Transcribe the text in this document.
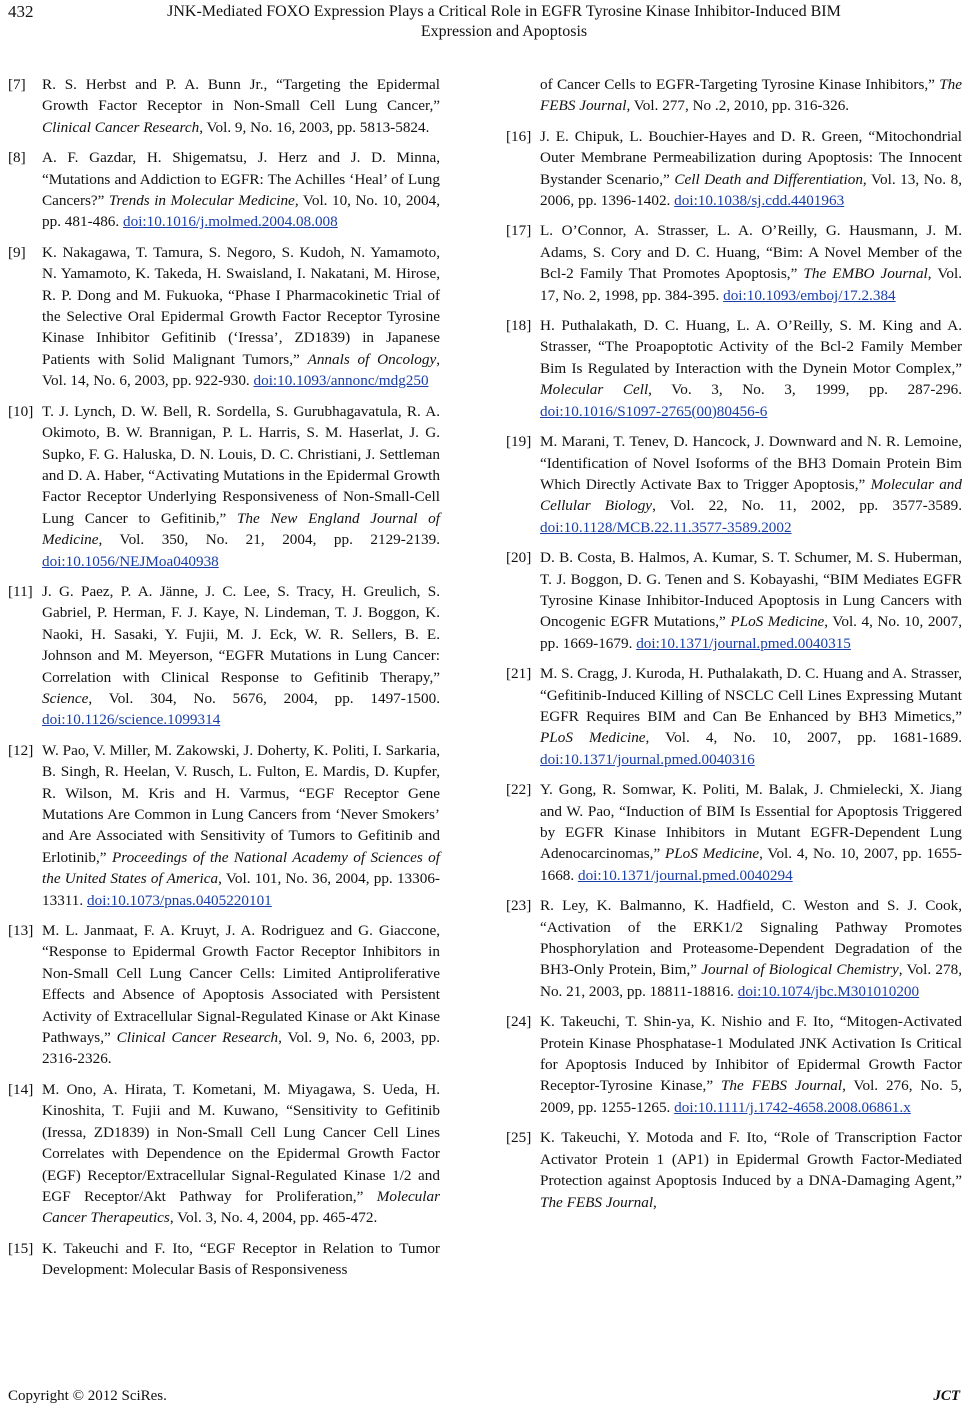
432	JNK-Mediated FOXO Expression Plays a Critical Role in EGFR Tyrosine Kinase Inhibitor-Induced BIM
Expression and Apoptosis
[7] R. S. Herbst and P. A. Bunn Jr., “Targeting the Epidermal Growth Factor Receptor in Non-Small Cell Lung Cancer,” Clinical Cancer Research, Vol. 9, No. 16, 2003, pp. 5813-5824.
[8] A. F. Gazdar, H. Shigematsu, J. Herz and J. D. Minna, “Mutations and Addiction to EGFR: The Achilles ‘Heal’ of Lung Cancers?” Trends in Molecular Medicine, Vol. 10, No. 10, 2004, pp. 481-486. doi:10.1016/j.molmed.2004.08.008
[9] K. Nakagawa, T. Tamura, S. Negoro, S. Kudoh, N. Yamamoto, N. Yamamoto, K. Takeda, H. Swaisland, I. Nakatani, M. Hirose, R. P. Dong and M. Fukuoka, “Phase I Pharmacokinetic Trial of the Selective Oral Epidermal Growth Factor Receptor Tyrosine Kinase Inhibitor Gefitinib (‘Iressa’, ZD1839) in Japanese Patients with Solid Malignant Tumors,” Annals of Oncology, Vol. 14, No. 6, 2003, pp. 922-930. doi:10.1093/annonc/mdg250
[10] T. J. Lynch, D. W. Bell, R. Sordella, S. Gurubhagavatula, R. A. Okimoto, B. W. Brannigan, P. L. Harris, S. M. Haserlat, J. G. Supko, F. G. Haluska, D. N. Louis, D. C. Christiani, J. Settleman and D. A. Haber, “Activating Mutations in the Epidermal Growth Factor Receptor Underlying Responsiveness of Non-Small-Cell Lung Cancer to Gefitinib,” The New England Journal of Medicine, Vol. 350, No. 21, 2004, pp. 2129-2139. doi:10.1056/NEJMoa040938
[11] J. G. Paez, P. A. Jänne, J. C. Lee, S. Tracy, H. Greulich, S. Gabriel, P. Herman, F. J. Kaye, N. Lindeman, T. J. Boggon, K. Naoki, H. Sasaki, Y. Fujii, M. J. Eck, W. R. Sellers, B. E. Johnson and M. Meyerson, “EGFR Mutations in Lung Cancer: Correlation with Clinical Response to Gefitinib Therapy,” Science, Vol. 304, No. 5676, 2004, pp. 1497-1500. doi:10.1126/science.1099314
[12] W. Pao, V. Miller, M. Zakowski, J. Doherty, K. Politi, I. Sarkaria, B. Singh, R. Heelan, V. Rusch, L. Fulton, E. Mardis, D. Kupfer, R. Wilson, M. Kris and H. Varmus, “EGF Receptor Gene Mutations Are Common in Lung Cancers from ‘Never Smokers’ and Are Associated with Sensitivity of Tumors to Gefitinib and Erlotinib,” Proceedings of the National Academy of Sciences of the United States of America, Vol. 101, No. 36, 2004, pp. 13306-13311. doi:10.1073/pnas.0405220101
[13] M. L. Janmaat, F. A. Kruyt, J. A. Rodriguez and G. Giaccone, “Response to Epidermal Growth Factor Receptor Inhibitors in Non-Small Cell Lung Cancer Cells: Limited Antiproliferative Effects and Absence of Apoptosis Associated with Persistent Activity of Extracellular Signal-Regulated Kinase or Akt Kinase Pathways,” Clinical Cancer Research, Vol. 9, No. 6, 2003, pp. 2316-2326.
[14] M. Ono, A. Hirata, T. Kometani, M. Miyagawa, S. Ueda, H. Kinoshita, T. Fujii and M. Kuwano, “Sensitivity to Gefitinib (Iressa, ZD1839) in Non-Small Cell Lung Cancer Cell Lines Correlates with Dependence on the Epidermal Growth Factor (EGF) Receptor/Extracellular Signal-Regulated Kinase 1/2 and EGF Receptor/Akt Pathway for Proliferation,” Molecular Cancer Therapeutics, Vol. 3, No. 4, 2004, pp. 465-472.
[15] K. Takeuchi and F. Ito, “EGF Receptor in Relation to Tumor Development: Molecular Basis of Responsiveness
of Cancer Cells to EGFR-Targeting Tyrosine Kinase Inhibitors,” The FEBS Journal, Vol. 277, No .2, 2010, pp. 316-326.
[16] J. E. Chipuk, L. Bouchier-Hayes and D. R. Green, “Mitochondrial Outer Membrane Permeabilization during Apoptosis: The Innocent Bystander Scenario,” Cell Death and Differentiation, Vol. 13, No. 8, 2006, pp. 1396-1402. doi:10.1038/sj.cdd.4401963
[17] L. O’Connor, A. Strasser, L. A. O’Reilly, G. Hausmann, J. M. Adams, S. Cory and D. C. Huang, “Bim: A Novel Member of the Bcl-2 Family That Promotes Apoptosis,” The EMBO Journal, Vol. 17, No. 2, 1998, pp. 384-395. doi:10.1093/emboj/17.2.384
[18] H. Puthalakath, D. C. Huang, L. A. O’Reilly, S. M. King and A. Strasser, “The Proapoptotic Activity of the Bcl-2 Family Member Bim Is Regulated by Interaction with the Dynein Motor Complex,” Molecular Cell, Vo. 3, No. 3, 1999, pp. 287-296. doi:10.1016/S1097-2765(00)80456-6
[19] M. Marani, T. Tenev, D. Hancock, J. Downward and N. R. Lemoine, “Identification of Novel Isoforms of the BH3 Domain Protein Bim Which Directly Activate Bax to Trigger Apoptosis,” Molecular and Cellular Biology, Vol. 22, No. 11, 2002, pp. 3577-3589. doi:10.1128/MCB.22.11.3577-3589.2002
[20] D. B. Costa, B. Halmos, A. Kumar, S. T. Schumer, M. S. Huberman, T. J. Boggon, D. G. Tenen and S. Kobayashi, “BIM Mediates EGFR Tyrosine Kinase Inhibitor-Induced Apoptosis in Lung Cancers with Oncogenic EGFR Mutations,” PLoS Medicine, Vol. 4, No. 10, 2007, pp. 1669-1679. doi:10.1371/journal.pmed.0040315
[21] M. S. Cragg, J. Kuroda, H. Puthalakath, D. C. Huang and A. Strasser, “Gefitinib-Induced Killing of NSCLC Cell Lines Expressing Mutant EGFR Requires BIM and Can Be Enhanced by BH3 Mimetics,” PLoS Medicine, Vol. 4, No. 10, 2007, pp. 1681-1689. doi:10.1371/journal.pmed.0040316
[22] Y. Gong, R. Somwar, K. Politi, M. Balak, J. Chmielecki, X. Jiang and W. Pao, “Induction of BIM Is Essential for Apoptosis Triggered by EGFR Kinase Inhibitors in Mutant EGFR-Dependent Lung Adenocarcinomas,” PLoS Medicine, Vol. 4, No. 10, 2007, pp. 1655-1668. doi:10.1371/journal.pmed.0040294
[23] R. Ley, K. Balmanno, K. Hadfield, C. Weston and S. J. Cook, “Activation of the ERK1/2 Signaling Pathway Promotes Phosphorylation and Proteasome-Dependent Degradation of the BH3-Only Protein, Bim,” Journal of Biological Chemistry, Vol. 278, No. 21, 2003, pp. 18811-18816. doi:10.1074/jbc.M301010200
[24] K. Takeuchi, T. Shin-ya, K. Nishio and F. Ito, “Mitogen-Activated Protein Kinase Phosphatase-1 Modulated JNK Activation Is Critical for Apoptosis Induced by Inhibitor of Epidermal Growth Factor Receptor-Tyrosine Kinase,” The FEBS Journal, Vol. 276, No. 5, 2009, pp. 1255-1265. doi:10.1111/j.1742-4658.2008.06861.x
[25] K. Takeuchi, Y. Motoda and F. Ito, “Role of Transcription Factor Activator Protein 1 (AP1) in Epidermal Growth Factor-Mediated Protection against Apoptosis Induced by a DNA-Damaging Agent,” The FEBS Journal,
Copyright © 2012 SciRes.	JCT
